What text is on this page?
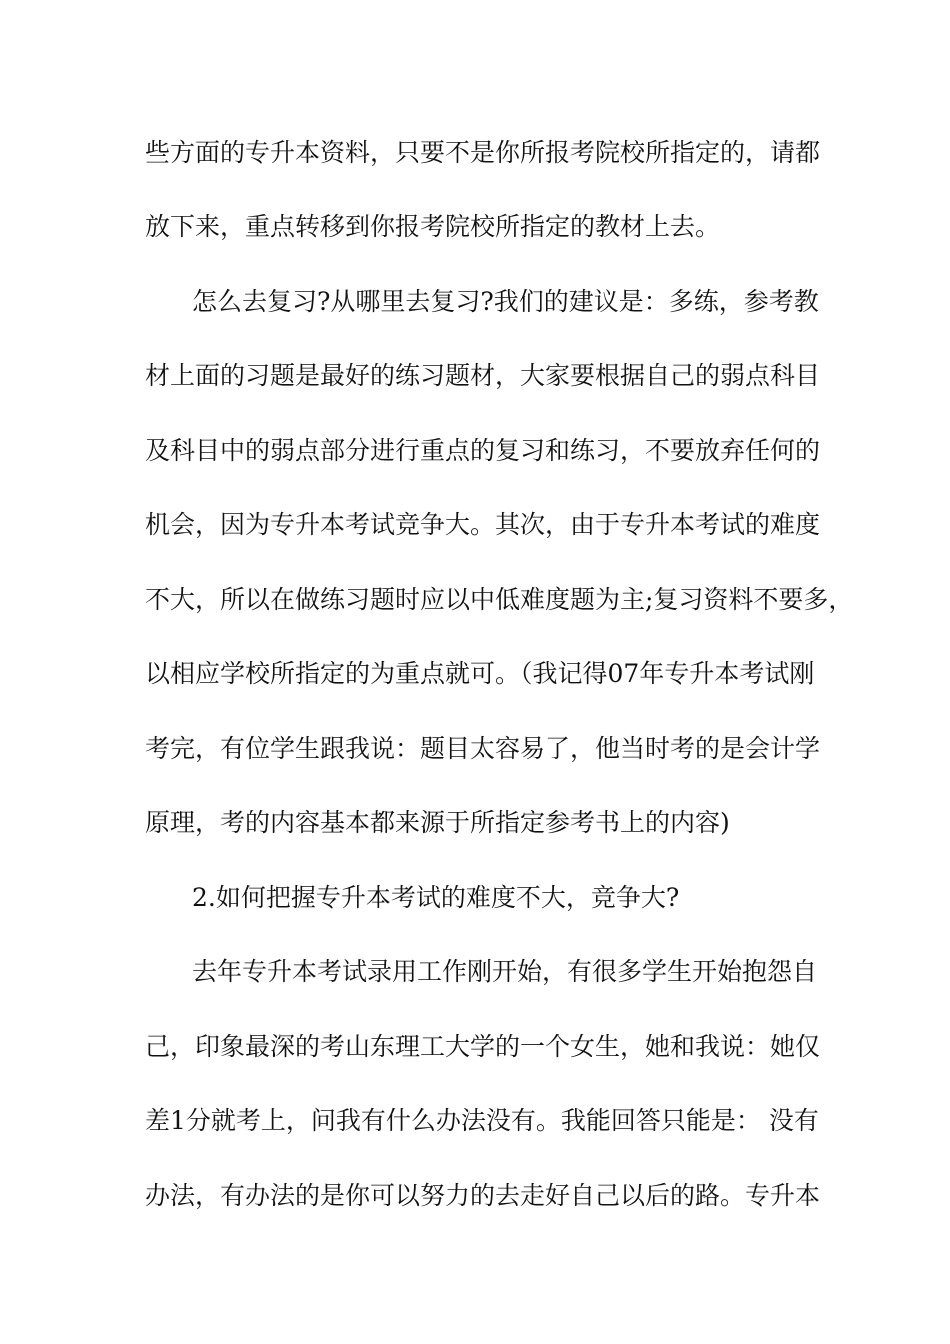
些方面的专升本资料，只要不是你所报考院校所指定的，请都
放下来，重点转移到你报考院校所指定的教材上去。
怎么去复习?从哪里去复习?我们的建议是：多练，参考教
材上面的习题是最好的练习题材，大家要根据自己的弱点科目
及科目中的弱点部分进行重点的复习和练习，不要放弃任何的
机会，因为专升本考试竞争大。其次，由于专升本考试的难度
不大，所以在做练习题时应以中低难度题为主;复习资料不要多，
以相应学校所指定的为重点就可。（我记得07年专升本考试刚
考完，有位学生跟我说：题目太容易了，他当时考的是会计学
原理，考的内容基本都来源于所指定参考书上的内容)
2.如何把握专升本考试的难度不大，竞争大?
去年专升本考试录用工作刚开始，有很多学生开始抱怨自
己，印象最深的考山东理工大学的一个女生，她和我说：她仅
差1分就考上，问我有什么办法没有。我能回答只能是： 没有
办法，有办法的是你可以努力的去走好自己以后的路。专升本
